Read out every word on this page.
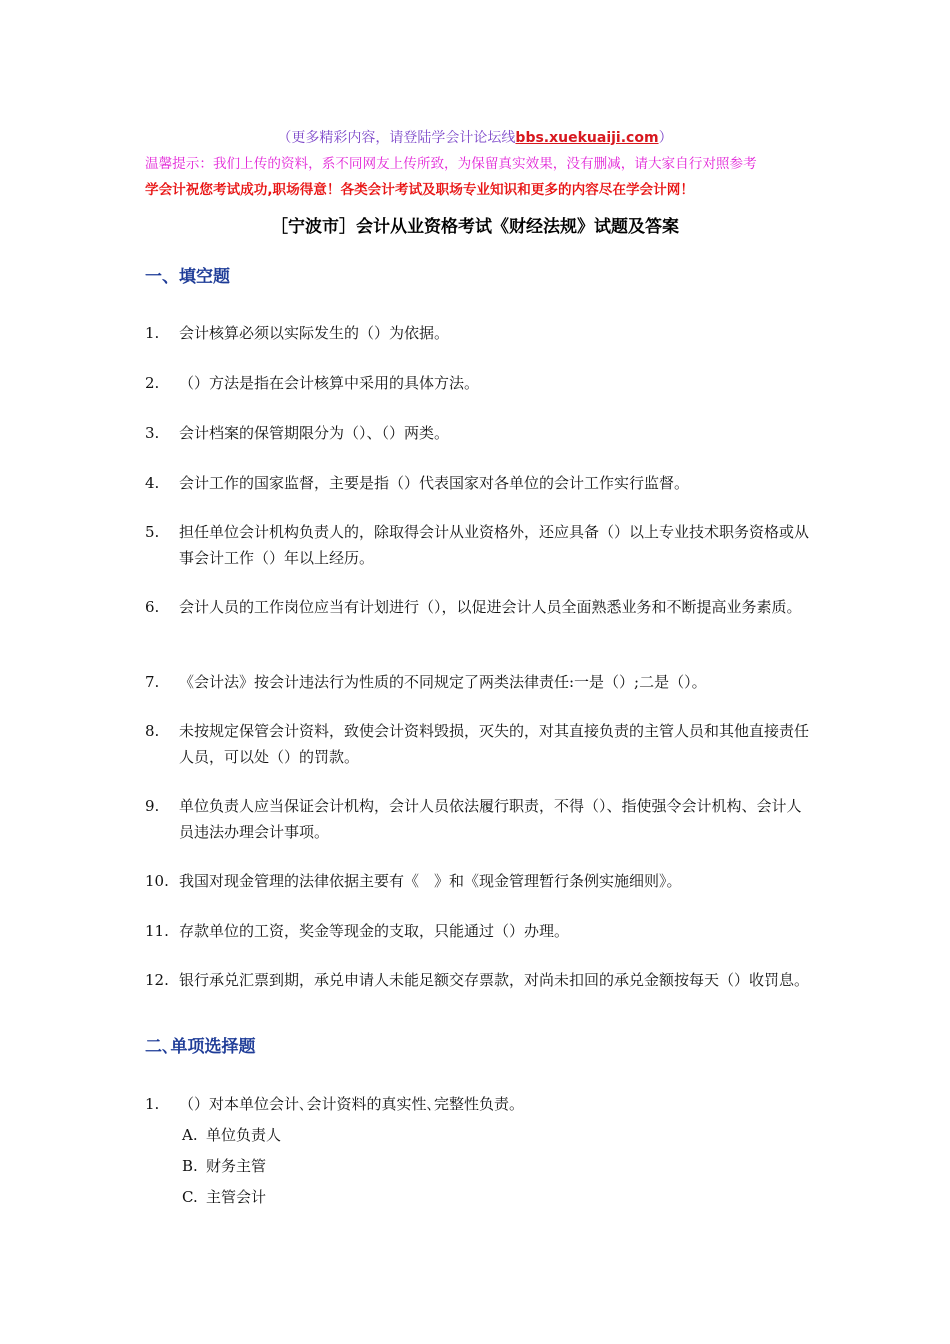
（更多精彩内容，请登陆学会计论坛线bbs.xuekuaiji.com）
温馨提示：我们上传的资料，系不同网友上传所致，为保留真实效果，没有删减，请大家自行对照参考
学会计祝您考试成功,职场得意！各类会计考试及职场专业知识和更多的内容尽在学会计网！
［宁波市］会计从业资格考试《财经法规》试题及答案
一、填空题
1. 会计核算必须以实际发生的（）为依据。
2. （）方法是指在会计核算中采用的具体方法。
3. 会计档案的保管期限分为（）、（）两类。
4. 会计工作的国家监督，主要是指（）代表国家对各单位的会计工作实行监督。
5. 担任单位会计机构负责人的，除取得会计从业资格外，还应具备（）以上专业技术职务资格或从事会计工作（）年以上经历。
6. 会计人员的工作岗位应当有计划进行（），以促进会计人员全面熟悉业务和不断提高业务素质。
7. 《会计法》按会计违法行为性质的不同规定了两类法律责任:一是（）;二是（）。
8. 未按规定保管会计资料，致使会计资料毁损，灭失的，对其直接负责的主管人员和其他直接责任人员，可以处（）的罚款。
9. 单位负责人应当保证会计机构，会计人员依法履行职责，不得（）、指使强令会计机构、会计人员违法办理会计事项。
10. 我国对现金管理的法律依据主要有《　》和《现金管理暂行条例实施细则》。
11. 存款单位的工资，奖金等现金的支取，只能通过（）办理。
12. 银行承兑汇票到期，承兑申请人未能足额交存票款，对尚未扣回的承兑金额按每天（）收罚息。
二､单项选择题
1. （）对本单位会计､会计资料的真实性､完整性负责。
A. 单位负责人
B. 财务主管
C. 主管会计
